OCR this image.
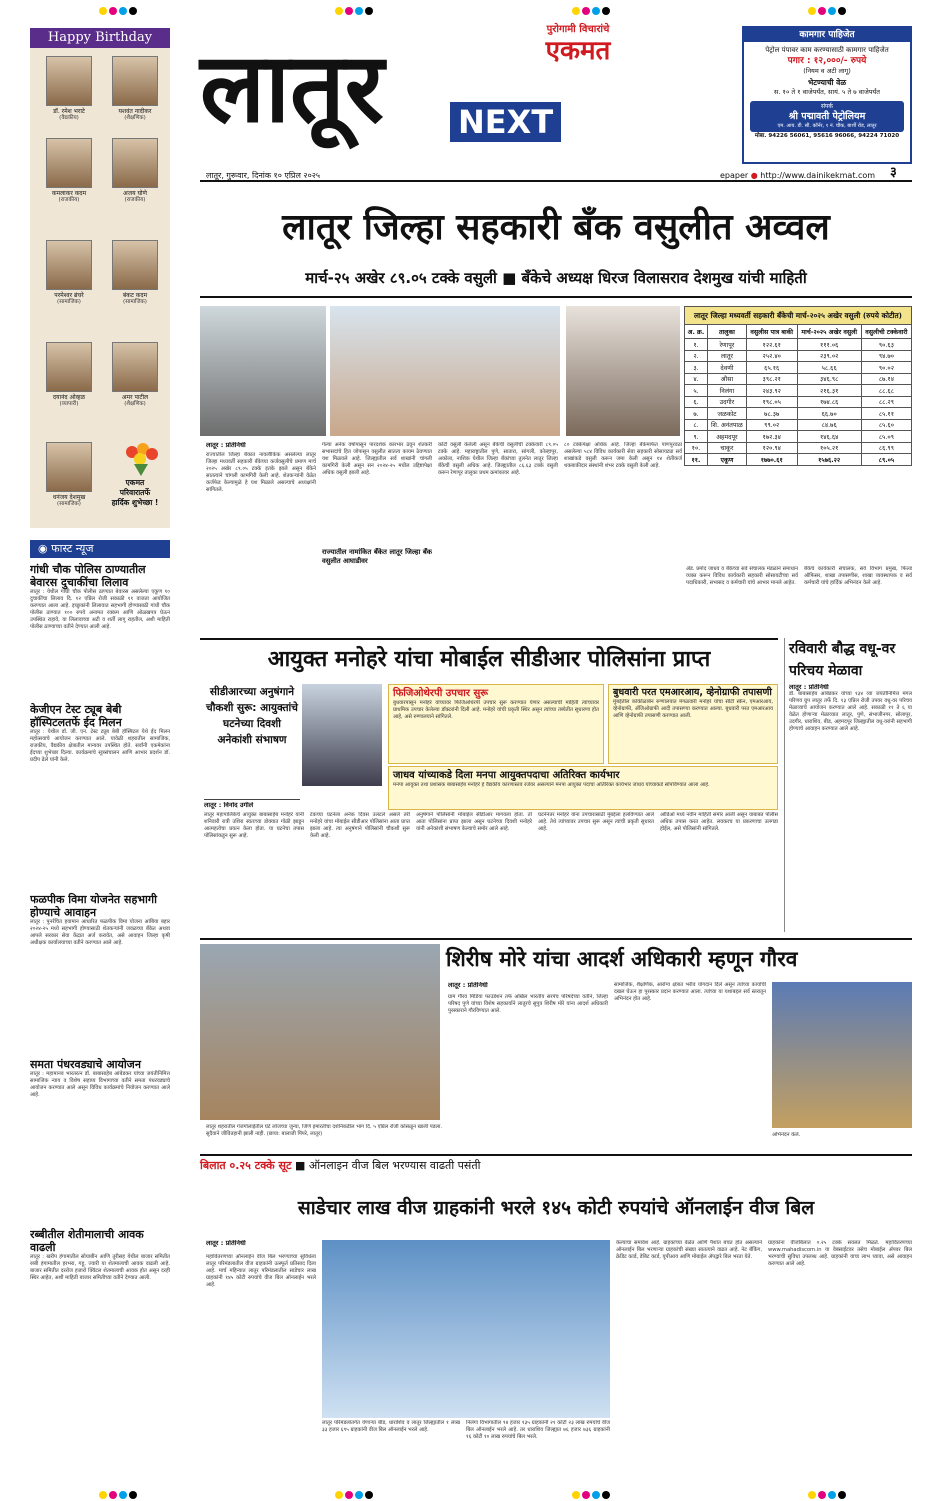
Happy Birthday
डॉ. रमेश भराटे
(वैद्यकीय)
यशवंत नादीकर
(शैक्षणिक)
कमलाकर कदम
(राजकीय)
अजय घोणे
(राजकीय)
परमेश्वर ब्रंचरे
(सामाजिक)
बंकट कदम
(सामाजिक)
दयानंद ओव्हळ
(व्यापारी)
अमर पाटील
(शैक्षणिक)
धनंजय देशमुख
(सामाजिक)
एकमत
परिवारातर्फे
हार्दिक शुभेच्छा !
◉ फास्ट न्यूज
गांधी चौक पोलिस ठाण्यातील बेवारस दुचाकींचा लिलाव

लातूर : येथील गांधी चौक पोलीस ठाण्यात बेवारस असलेल्या एकूण १० दुचाकींचा लिलाव दि. १२ एप्रिल रोजी सकाळी ११ वाजता आयोजित करण्यात आला आहे. इच्छुकांनी लिलावात सहभागी होण्यासाठी गांधी चौक पोलीस ठाण्यात १०० रुपये अनामत रक्कम आणि ओळखपत्र घेऊन उपस्थित राहावे, या लिलावाच्या अटी व शर्ती लागू राहतील, अशी माहिती पोलीस ठाण्याच्या वतीने देण्यात आली आहे.

केजीएन टेस्ट ट्यूब बेबी हॉस्पिटलतर्फे ईद मिलन

लातूर : येथील डॉ. जी. एन. टेस्ट ट्यूब बेबी हॉस्पिटल येथे ईद मिलन महोत्सवाचे आयोजन करण्यात आले. यावेळी शहरातील सामाजिक, राजकीय, वैद्यकीय क्षेत्रातील मान्यवर उपस्थित होते. सर्वांनी एकमेकांना ईदच्या शुभेच्छा दिल्या. कार्यक्रमाचे सूत्रसंचालन आणि आभार प्रदर्शन डॉ. प्रदीप ढेले यांनी केले.

फळपीक विमा योजनेत सहभागी होण्याचे आवाहन

लातूर : पुनर्रचित हवामान आधारित फळपीक विमा योजना आंबिया बहार २०२४-२५ मध्ये सहभागी होण्यासाठी शेतकऱ्यांनी जवळच्या बँकेत अथवा आपले सरकार सेवा केंद्रात अर्ज करावेत, असे आवाहन जिल्हा कृषी अधीक्षक कार्यालयाच्या वतीने करण्यात आले आहे.

समता पंधरवड्याचे आयोजन

लातूर : महामानव भारतरत्न डॉ. बाबासाहेब आंबेडकर यांच्या जयंतीनिमित्त सामाजिक न्याय व विशेष सहाय्य विभागाच्या वतीने समता पंधरवड्याचे आयोजन करण्यात आले असून विविध कार्यक्रमांचे नियोजन करण्यात आले आहे.

रब्बीतील शेतीमालाची आवक वाढली

लातूर : खरीप हंगामातील सोयाबीन आणि तुरीसह येथील बाजार समितीत रब्बी हंगामातील हरभरा, गहू, ज्वारी या शेतमालाची आवक वाढली आहे. बाजार समितीत दररोज हजारो क्विंटल शेतमालाची आवक होत असून दरही स्थिर आहेत, अशी माहिती बाजार समितीच्या वतीने देण्यात आली.

लातूर NEXT
पुरोगामी विचारांचे
एकमत
कामगार पाहिजेत
पेट्रोल पंपावर काम करण्यासाठी कामगार पाहिजेत
पगार : १२,०००/- रुपये
(नियम व अटी लागू)
भेटण्याची वेळ
स. १० ते १ वाजेपर्यंत, सायं. ५ ते ७ वाजेपर्यंत
संपर्क
श्री पद्मावती पेट्रोलियम
एम. आय. डी. सी. कॉर्नर, १ नं. चौक, बार्शी रोड, लातूर
मोबा. 94226 56061, 95616 96066, 94224 71020
लातूर, गुरूवार, दिनांक १० एप्रिल २०२५	epaper ● http://www.dainikekmat.com ३
लातूर जिल्हा सहकारी बँक वसुलीत अव्वल
मार्च-२५ अखेर ८९.०५ टक्के वसुली ■ बँकेचे अध्यक्ष धिरज विलासराव देशमुख यांची माहिती
लातूर जिल्हा मध्यवर्ती सहकारी बँकेची मार्च-२०२५ अखेर वसुली (रुपये कोटीत)
अ. क्र.	तालुका	वसुलीस पात्र बाकी	मार्च-२०२५ अखेर वसुली	वसुलीची टक्केवारी
१.	रेणापूर	१२२.६१	१११.०६	९०.६३
२.	लातूर	२५२.४०	२३९.०२	९४.७०
३.	देवणी	६५.१६	५८.६६	९०.०२
४.	औसा	३९८.२१	३४६.९८	८७.१४
५.	निलंगा	२४३.९२	२१६.३१	८८.६८
६.	उदगीर	१९८.०५	१७४.८६	८८.२९
७.	जळकोट	७८.३७	६६.७०	८५.११
८.	शि. अनंतपाळ	९९.०२	८४.७६	८५.६०
९.	अहमदपूर	१७२.३४	१४६.६४	८५.०९
१०.	चाकूर	१२०.९४	१०५.२१	८६.९९
११.	एकूण	१७७०.६१	१५७६.२२	८९.०५
लातूर : प्रतिनिधी
राज्यातील जिल्हा बँकात नावलौकिक असलेल्या लातूर जिल्हा मध्यवर्ती सहकारी बँकेच्या कर्जवसुलीचे प्रमाण मार्च २०२५ अखेर ८९.०५ टक्के इतके झाले असून बँकेने सातत्याने चांगली कामगिरी केली आहे. शेतकऱ्यांनी वेळेत कर्जफेड केल्यामुळे हे यश मिळाले असल्याचे अध्यक्षांनी सांगितले.
गेल्या अनेक वर्षापासून पारदर्शक कारभार ठेवून शेतकरी सभासदांचे हित जोपासून वसुलीत सातत्य कायम ठेवण्यात यश मिळवले आहे. जिल्ह्यातील सर्व शाखांनी चांगली कामगिरी केली असून सन २०२४-२५ मधील उद्दिष्टापेक्षा अधिक वसुली झाली आहे.
राज्यातील नामांकित बँकेत लातूर जिल्हा बँक वसुलीत आघाडीवर
कोटी वसुली केलेली असून बँकेची वसुलीची टक्केवारी ८९.०५ टक्के आहे. महाराष्ट्रातील पुणे, सातारा, सांगली, कोल्हापूर, अकोला, नाशिक येथील जिल्हा बँकांच्या तुलनेत लातूर जिल्हा बँकेची वसुली अधिक आहे. जिल्ह्यातील ८६.६३ टक्के वसुली करून रेणापूर तालुका प्रथम क्रमांकावर आहे.
८० टक्केपेक्षा अधिक आहे. जिल्हा बँकेमार्फत पाणपुरवठा असलेल्या ५८४ विविध कार्यकारी सेवा सहकारी सोसायट्या सर्व शाखांकडे वसुली करून जमा केली असून १४ शेतीकर्ज थकबाकीदार संस्थांनी शंभर टक्के वसुली केली आहे.
ॲड. प्रमोद जाधव व बँकेच्या सर्व संचालक मंडळाने समाधान व्यक्त करून विविध कार्यकारी सहकारी सोसायटीच्या सर्व पदाधिकारी, सभासद व कर्मचारी यांचे आभार मानले आहेत.
बँकेचे कार्यकारी संचालक, सर्व विभाग प्रमुख, फिल्ड ऑफिसर, शाखा तपासणीस, शाखा व्यवस्थापक व सर्व कर्मचारी यांचे हार्दिक अभिनंदन केले आहे.
आयुक्त मनोहरे यांचा मोबाईल सीडीआर पोलिसांना प्राप्त
सीडीआरच्या अनुषंगाने चौकशी सुरू: आयुक्तांचे घटनेच्या दिवशी अनेकांशी संभाषण
लातूर : विनोद उगीले
फिजिओथेरपी उपचार सुरू
बुधवारपासून मनोहरे यांच्यावर फिजिओथेरपी उपचार सुरू करण्यात येणार असल्याची माहिती त्यांच्यावर प्राथमिक उपचार केलेल्या डॉक्टरांनी दिली आहे. मनोहरे यांची प्रकृती स्थिर असून त्यांच्या तब्येतीत सुधारणा होत आहे, असे रुग्णालयाने सांगितले.
बुधवारी परत एमआरआय, व्हेनोग्राफी तपासणी
मुंबईतील कोकीळाबेन रुग्णालयात मंगळवारी मनोहरे यांचा सीटी स्कॅन, एमआरआय, व्हेनोग्राफी, अँजिओग्राफी आदी तपासण्या करण्यात आल्या. बुधवारी परत एमआरआय आणि व्हेनोग्राफी तपासणी करण्यात आली.
जाधव यांच्याकडे दिला मनपा आयुक्तपदाचा अतिरिक्त कार्यभार
मनपा आयुक्त तथा प्रशासक बाबासाहेब मनोहरे हे वैद्यकीय कारणास्तव रजेवर असल्याने मनपा आयुक्त पदाचा अतिरिक्त कार्यभार जाधव यांच्याकडे सोपविण्यात आला आहे.
लातूर महापालिकेचे आयुक्त बाबासाहेब मनोहरे यांनी शनिवारी रात्री उशिरा स्वतःच्या डोक्यात गोळी झाडून आत्महत्येचा प्रयत्न केला होता. या घटनेचा तपास पोलिसांकडून सुरू आहे.
टेकच्या घटनेला अनेक दिवस उलटले असले तरी मनोहरे यांचा मोबाईल सीडीआर पोलिसांना आता प्राप्त झाला आहे. त्या अनुषंगाने पोलिसांनी चौकशी सुरू केली आहे.
अनुषंगाने पोलिसांनी मोबाईल सीडीआर मागवला होता. तो आता पोलिसांना प्राप्त झाला असून घटनेच्या दिवशी मनोहरे यांनी अनेकांशी संभाषण केल्याचे समोर आले आहे.
घटनेनंतर मनोहरे यांना उपचारासाठी मुंबईला हलविण्यात आले आहे. तेथे त्यांच्यावर उपचार सुरू असून त्यांची प्रकृती सुधारत आहे.
ओडिओ मध्ये नवीन माहिती समोर आली असून याबाबत पोलीस अधिक तपास करत आहेत. लवकरच या प्रकरणाचा उलगडा होईल, असे पोलिसांनी सांगितले.
रविवारी बौद्ध वधू-वर परिचय मेळावा
लातूर : प्रतिनिधी
डॉ. बाबासाहेब आंबेडकर यांच्या १३४ व्या जयंतीनिमित्त मंगल परिणय ग्रुप लातूर तर्फे दि. १३ एप्रिल रोजी उपवर वधू-वर परिचय मेळाव्याचे आयोजन करण्यात आले आहे. सकाळी ११ ते ६ या वेळेत होणाऱ्या मेळाव्यात लातूर, पुणे, संभाजीनगर, सोलापूर, उदगीर, धाराशिव, बीड, अहमदपूर जिल्ह्यातील वधू-वरांनी सहभागी होण्याचे आवाहन करण्यात आले आहे.
शिरीष मोरे यांचा आदर्श अधिकारी म्हणून गौरव
लातूर : प्रतिनिधी
ग्राम गौरव मिडिया फाउंडेशन तर्फे अखिल भारतीय सरपंच परिषदेच्या वतीने, जिल्हा परिषद पुणे यांच्या विशेष सहकार्याने लातूरचे सुपुत्र शिरीष मोरे यांना आदर्श अधिकारी पुरस्काराने गौरविण्यात आले.
सामाजिक, शैक्षणिक, आरोग्य क्षेत्रात भरीव योगदान दिले असून त्यांच्या कार्याची दखल घेऊन हा पुरस्कार प्रदान करण्यात आला. त्यांच्या या यशाबद्दल सर्व स्तरातून अभिनंदन होत आहे.
लातूर शहरातील गंजगोलाईतील घंटे लोजच्या जुन्या, जिर्ण इमारतीचा दर्शनिकडील भाग दि. ५ एप्रिल रोजी कोसळून खाली पडला. सुदैवाने जीवितहानी झाली नाही. (छाया: बालाजी पिंपरे, लातूर)	अभिनंदन केले.
बिलात ०.२५ टक्के सूट ■ ऑनलाइन वीज बिल भरण्यास वाढती पसंती
साडेचार लाख वीज ग्राहकांनी भरले १४५ कोटी रुपयांचे ऑनलाईन वीज बिल
लातूर : प्रतिनिधी
महावितरणच्या ऑनलाईन वीज बिल भरण्याच्या सुविधेला लातूर परिमंडलातील वीज ग्राहकांनी उत्स्फूर्त प्रतिसाद दिला आहे. मार्च महिन्यात लातूर परिमंडलातील साडेचार लाख ग्राहकांनी १४५ कोटी रुपयांचे वीज बिल ऑनलाईन भरले आहे.
लातूर परिमंडलांतर्गत येणाऱ्या बीड, धाराशिव व लातूर जिल्ह्यातील १ लाख ३३ हजार ६९५ ग्राहकांनी वीज बिल ऑनलाईन भरले आहे.
निलंगा विभागातील ९४ हजार १३५ ग्राहकांनी २१ कोटी २३ लाख रुपयांचे वीज बिल ऑनलाईन भरले आहे. तर धाराशिव जिल्ह्यात ७६ हजार ७३६ ग्राहकांनी १६ कोटी १० लाख रुपयांचे बिल भरले.
केल्याचा समावेश आहे. ग्राहकांच्या वेळेत आणि पैशांत बचत होत असल्याने ऑनलाईन बिल भरणाऱ्या ग्राहकांची संख्या सातत्याने वाढत आहे. नेट बँकिंग, क्रेडिट कार्ड, डेबिट कार्ड, यूपीआय आणि मोबाईल ॲपद्वारे बिल भरता येते.
ग्राहकांना वीजबिलात ०.२५ टक्के सवलत मिळते. महावितरणच्या www.mahadiscom.in या वेबसाईटवर तसेच मोबाईल ॲपवर बिल भरण्याची सुविधा उपलब्ध आहे. ग्राहकांनी याचा लाभ घ्यावा, असे आवाहन करण्यात आले आहे.
